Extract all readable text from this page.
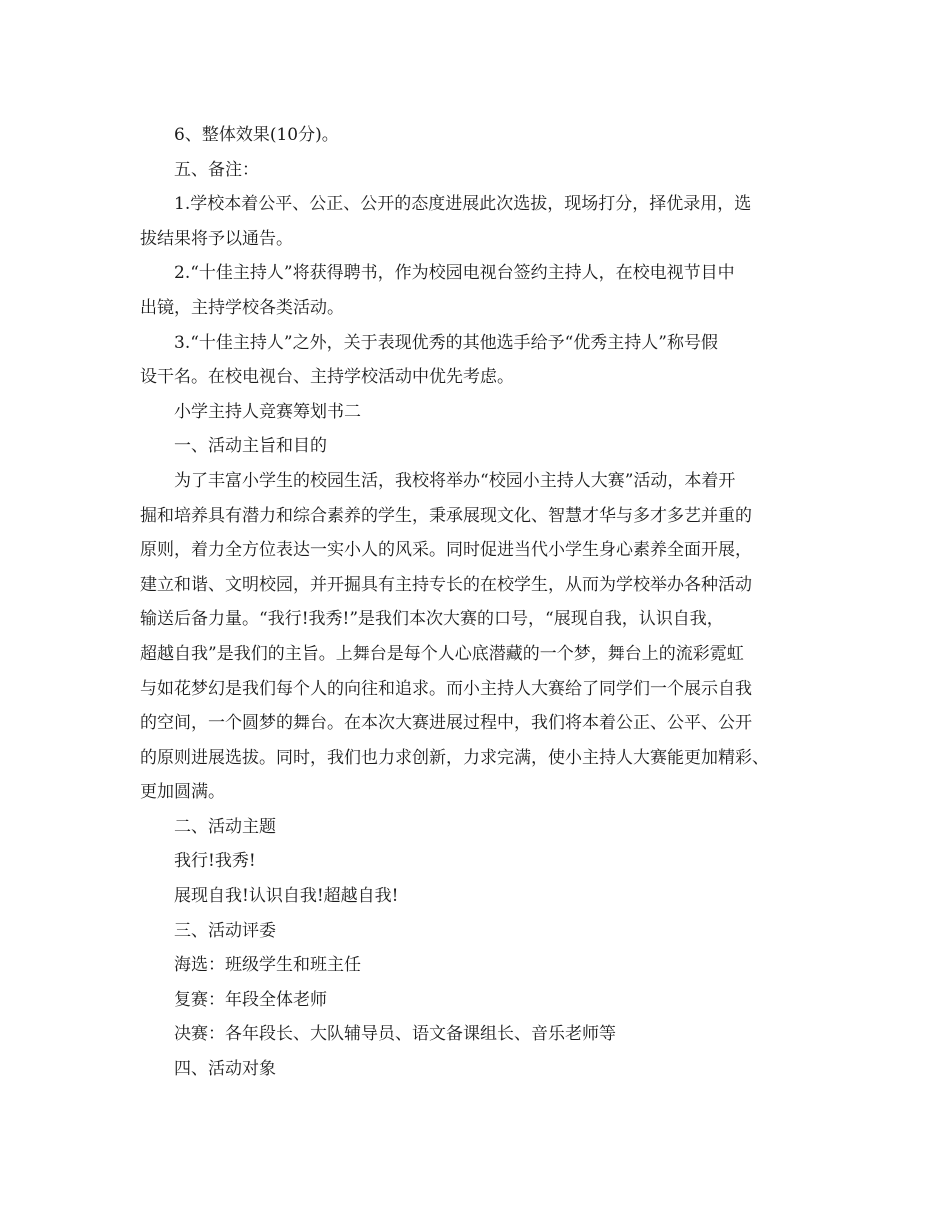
6、整体效果(10分)。
五、备注：
1.学校本着公平、公正、公开的态度进展此次选拔，现场打分，择优录用，选
拔结果将予以通告。
2.“十佳主持人”将获得聘书，作为校园电视台签约主持人，在校电视节目中
出镜，主持学校各类活动。
3.“十佳主持人”之外，关于表现优秀的其他选手给予“优秀主持人”称号假
设干名。在校电视台、主持学校活动中优先考虑。
小学主持人竞赛筹划书二
一、活动主旨和目的
为了丰富小学生的校园生活，我校将举办“校园小主持人大赛”活动，本着开
掘和培养具有潜力和综合素养的学生，秉承展现文化、智慧才华与多才多艺并重的
原则，着力全方位表达一实小人的风采。同时促进当代小学生身心素养全面开展，
建立和谐、文明校园，并开掘具有主持专长的在校学生，从而为学校举办各种活动
输送后备力量。“我行!我秀!”是我们本次大赛的口号，“展现自我，认识自我，
超越自我”是我们的主旨。上舞台是每个人心底潜藏的一个梦，舞台上的流彩霓虹
与如花梦幻是我们每个人的向往和追求。而小主持人大赛给了同学们一个展示自我
的空间，一个圆梦的舞台。在本次大赛进展过程中，我们将本着公正、公平、公开
的原则进展选拔。同时，我们也力求创新，力求完满，使小主持人大赛能更加精彩、
更加圆满。
二、活动主题
我行!我秀!
展现自我!认识自我!超越自我!
三、活动评委
海选：班级学生和班主任
复赛：年段全体老师
决赛：各年段长、大队辅导员、语文备课组长、音乐老师等
四、活动对象
